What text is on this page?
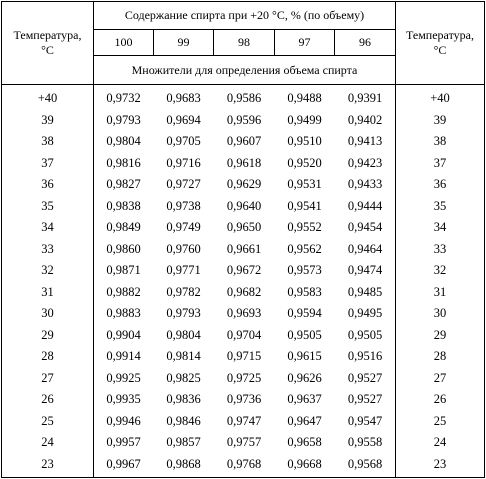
Температура, °С
Содержание спирта при +20 °С, % (по объему)
100	99	98	97	96
Множители для определения объема спирта
Температура, °С
+40	0,9732	0,9683	0,9586	0,9488	0,9391	+40
39	0,9793	0,9694	0,9596	0,9499	0,9402	39
38	0,9804	0,9705	0,9607	0,9510	0,9413	38
37	0,9816	0,9716	0,9618	0,9520	0,9423	37
36	0,9827	0,9727	0,9629	0,9531	0,9433	36
35	0,9838	0,9738	0,9640	0,9541	0,9444	35
34	0,9849	0,9749	0,9650	0,9552	0,9454	34
33	0,9860	0,9760	0,9661	0,9562	0,9464	33
32	0,9871	0,9771	0,9672	0,9573	0,9474	32
31	0,9882	0,9782	0,9682	0,9583	0,9485	31
30	0,9883	0,9793	0,9693	0,9594	0,9495	30
29	0,9904	0,9804	0,9704	0,9505	0,9505	29
28	0,9914	0,9814	0,9715	0,9615	0,9516	28
27	0,9925	0,9825	0,9725	0,9626	0,9527	27
26	0,9935	0,9836	0,9736	0,9637	0,9527	26
25	0,9946	0,9846	0,9747	0,9647	0,9547	25
24	0,9957	0,9857	0,9757	0,9658	0,9558	24
23	0,9967	0,9868	0,9768	0,9668	0,9568	23
